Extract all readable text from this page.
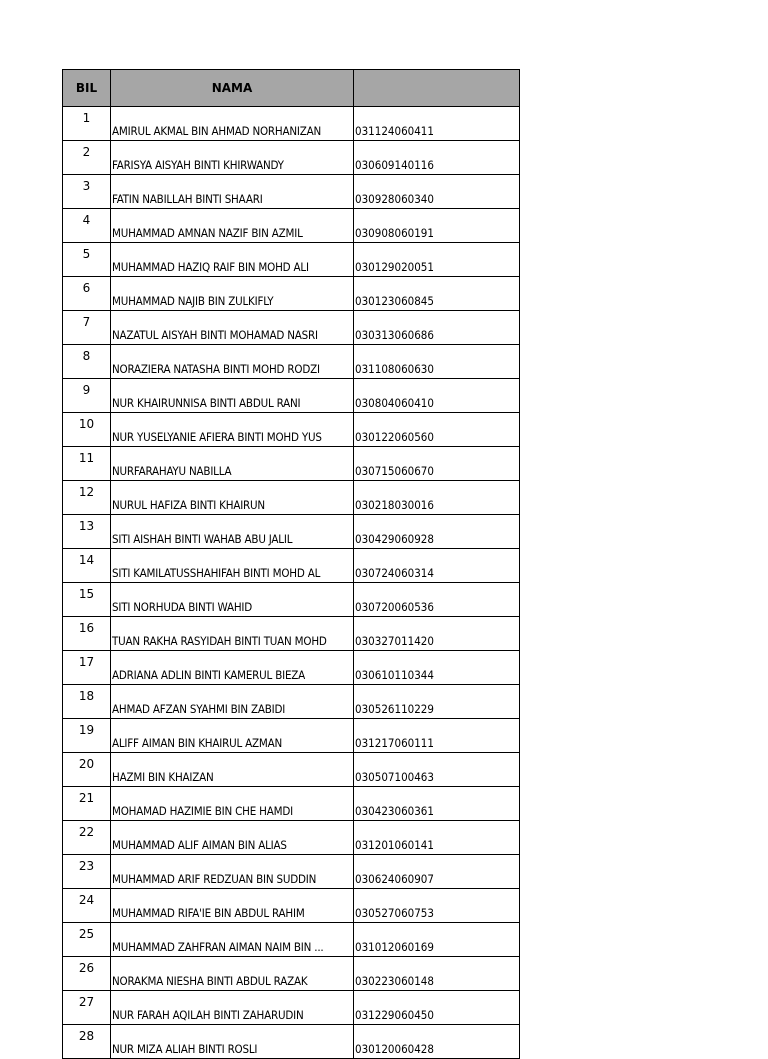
BIL	NAMA	
1	AMIRUL AKMAL BIN AHMAD NORHANIZAN	031124060411
2	FARISYA AISYAH BINTI KHIRWANDY	030609140116
3	FATIN NABILLAH BINTI SHAARI	030928060340
4	MUHAMMAD AMNAN NAZIF BIN AZMIL	030908060191
5	MUHAMMAD HAZIQ RAIF BIN MOHD ALI	030129020051
6	MUHAMMAD NAJIB BIN ZULKIFLY	030123060845
7	NAZATUL AISYAH BINTI MOHAMAD NASRI	030313060686
8	NORAZIERA NATASHA BINTI MOHD RODZI	031108060630
9	NUR KHAIRUNNISA BINTI ABDUL RANI	030804060410
10	NUR YUSELYANIE AFIERA BINTI MOHD YUS	030122060560
11	NURFARAHAYU NABILLA	030715060670
12	NURUL HAFIZA BINTI KHAIRUN	030218030016
13	SITI AISHAH BINTI WAHAB ABU JALIL	030429060928
14	SITI KAMILATUSSHAHIFAH BINTI MOHD AL	030724060314
15	SITI NORHUDA BINTI WAHID	030720060536
16	TUAN RAKHA RASYIDAH BINTI TUAN MOHD	030327011420
17	ADRIANA ADLIN BINTI KAMERUL BIEZA	030610110344
18	AHMAD AFZAN SYAHMI BIN ZABIDI	030526110229
19	ALIFF AIMAN BIN KHAIRUL AZMAN	031217060111
20	HAZMI BIN KHAIZAN	030507100463
21	MOHAMAD HAZIMIE BIN CHE HAMDI	030423060361
22	MUHAMMAD ALIF AIMAN BIN ALIAS	031201060141
23	MUHAMMAD ARIF REDZUAN BIN SUDDIN	030624060907
24	MUHAMMAD RIFA'IE BIN ABDUL RAHIM	030527060753
25	MUHAMMAD ZAHFRAN AIMAN NAIM BIN ...	031012060169
26	NORAKMA NIESHA BINTI ABDUL RAZAK	030223060148
27	NUR FARAH AQILAH BINTI ZAHARUDIN	031229060450
28	NUR MIZA ALIAH BINTI ROSLI	030120060428
